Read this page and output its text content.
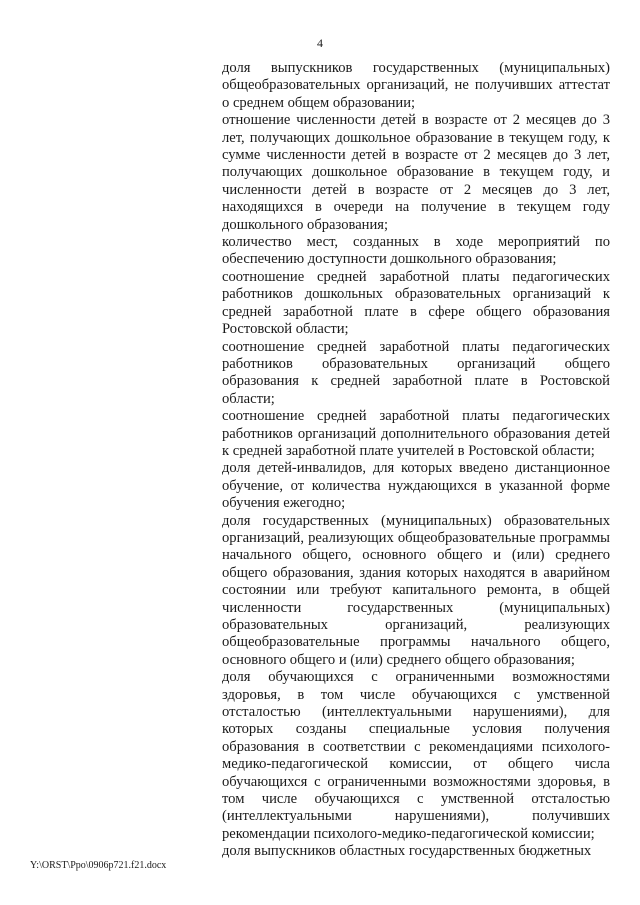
4

доля выпускников государственных (муниципальных) общеобразовательных организаций, не получивших аттестат о среднем общем образовании;

отношение численности детей в возрасте от 2 месяцев до 3 лет, получающих дошкольное образование в текущем году, к сумме численности детей в возрасте от 2 месяцев до 3 лет, получающих дошкольное образование в текущем году, и численности детей в возрасте от 2 месяцев до 3 лет, находящихся в очереди на получение в текущем году дошкольного образования;

количество мест, созданных в ходе мероприятий по обеспечению доступности дошкольного образования;

соотношение средней заработной платы педагогических работников дошкольных образовательных организаций к средней заработной плате в сфере общего образования Ростовской области;

соотношение средней заработной платы педагогических работников образовательных организаций общего образования к средней заработной плате в Ростовской области;

соотношение средней заработной платы педагогических работников организаций дополнительного образования детей к средней заработной плате учителей в Ростовской области;

доля детей-инвалидов, для которых введено дистанционное обучение, от количества нуждающихся в указанной форме обучения ежегодно;

доля государственных (муниципальных) образовательных организаций, реализующих общеобразовательные программы начального общего, основного общего и (или) среднего общего образования, здания которых находятся в аварийном состоянии или требуют капитального ремонта, в общей численности государственных (муниципальных) образовательных организаций, реализующих общеобразовательные программы начального общего, основного общего и (или) среднего общего образования;

доля обучающихся с ограниченными возможностями здоровья, в том числе обучающихся с умственной отсталостью (интеллектуальными нарушениями), для которых созданы специальные условия получения образования в соответствии с рекомендациями психолого-медико-педагогической комиссии, от общего числа обучающихся с ограниченными возможностями здоровья, в том числе обучающихся с умственной отсталостью (интеллектуальными нарушениями), получивших рекомендации психолого-медико-педагогической комиссии;

доля выпускников областных государственных бюджетных

Y:\ORST\Ppo\0906p721.f21.docx
